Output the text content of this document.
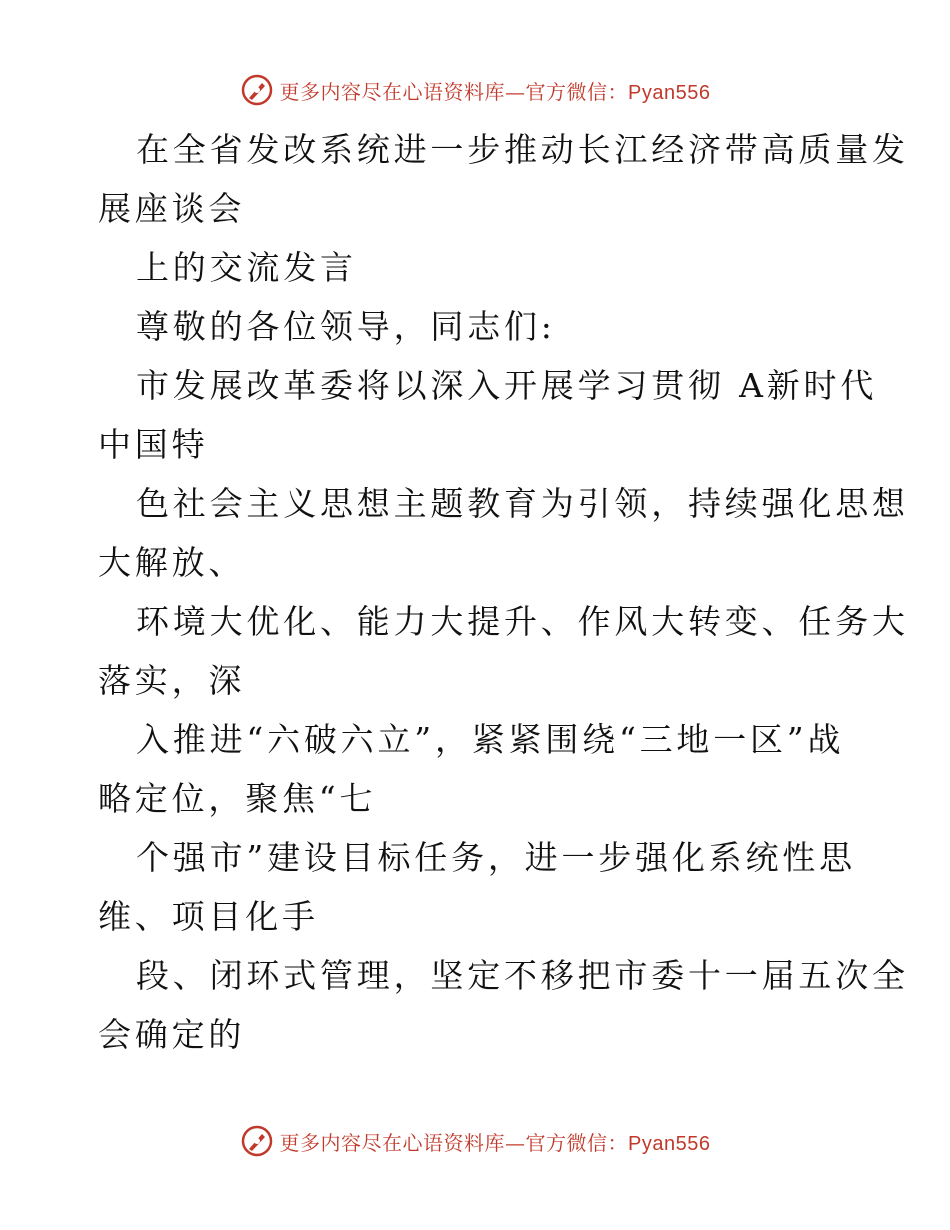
更多内容尽在心语资料库—官方微信：Pyan556
在全省发改系统进一步推动长江经济带高质量发
展座谈会
上的交流发言
尊敬的各位领导，同志们:
市发展改革委将以深入开展学习贯彻 A新时代
中国特
色社会主义思想主题教育为引领，持续强化思想
大解放、
环境大优化、能力大提升、作风大转变、任务大
落实，深
入推进“六破六立”，紧紧围绕“三地一区”战
略定位，聚焦“七
个强市”建设目标任务，进一步强化系统性思
维、项目化手
段、闭环式管理，坚定不移把市委十一届五次全
会确定的
更多内容尽在心语资料库—官方微信：Pyan556
